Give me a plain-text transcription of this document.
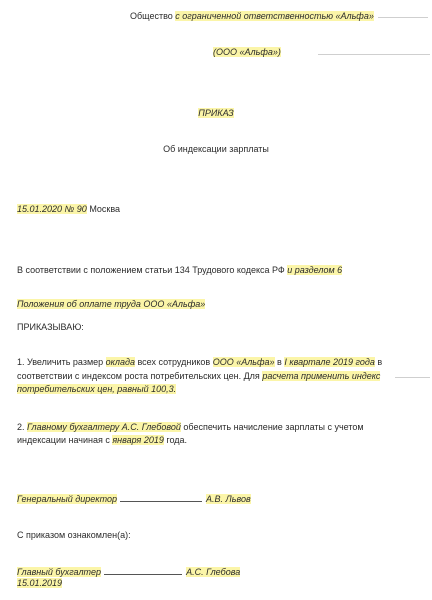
Общество с ограниченной ответственностью «Альфа»
(ООО «Альфа»)
ПРИКАЗ
Об индексации зарплаты
15.01.2020 № 90 Москва
В соответствии с положением статьи 134 Трудового кодекса РФ и разделом 6
Положения об оплате труда ООО «Альфа»
ПРИКАЗЫВАЮ:
1. Увеличить размер оклада всех сотрудников ООО «Альфа» в I квартале 2019 года в
соответствии с индексом роста потребительских цен. Для расчета применить индекс
потребительских цен, равный 100,3.
2. Главному бухгалтеру А.С. Глебовой обеспечить начисление зарплаты с учетом
индексации начиная с января 2019 года.
Генеральный директор	А.В. Львов
С приказом ознакомлен(а):
Главный бухгалтер	А.С. Глебова
15.01.2019
